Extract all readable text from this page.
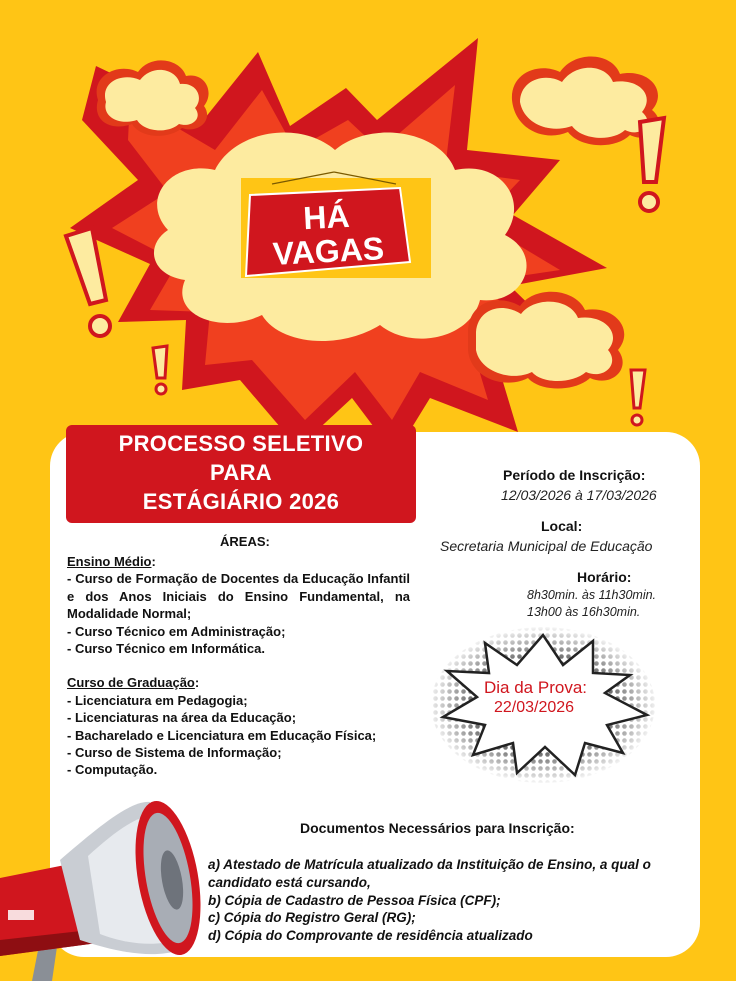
HÁ
VAGAS
PROCESSO SELETIVO
PARA
ESTÁGIÁRIO 2026
ÁREAS:
Ensino Médio:
- Curso de Formação de Docentes da Educação Infantil e dos Anos Iniciais do Ensino Fundamental, na Modalidade Normal;
- Curso Técnico em Administração;
- Curso Técnico em Informática.
Curso de Graduação:
- Licenciatura em Pedagogia;
- Licenciaturas na área da Educação;
- Bacharelado e Licenciatura em Educação Física;
- Curso de Sistema de Informação;
- Computação.
Período de Inscrição:
12/03/2026 à 17/03/2026
Local:
Secretaria Municipal de Educação
Horário:
8h30min. às 11h30min.
13h00 às 16h30min.
Dia da Prova:
22/03/2026
Documentos Necessários para Inscrição:
a) Atestado de Matrícula atualizado da Instituição de Ensino, a qual o candidato está cursando,
b) Cópia de Cadastro de Pessoa Física (CPF);
c) Cópia do Registro Geral (RG);
d) Cópia do Comprovante de residência atualizado
